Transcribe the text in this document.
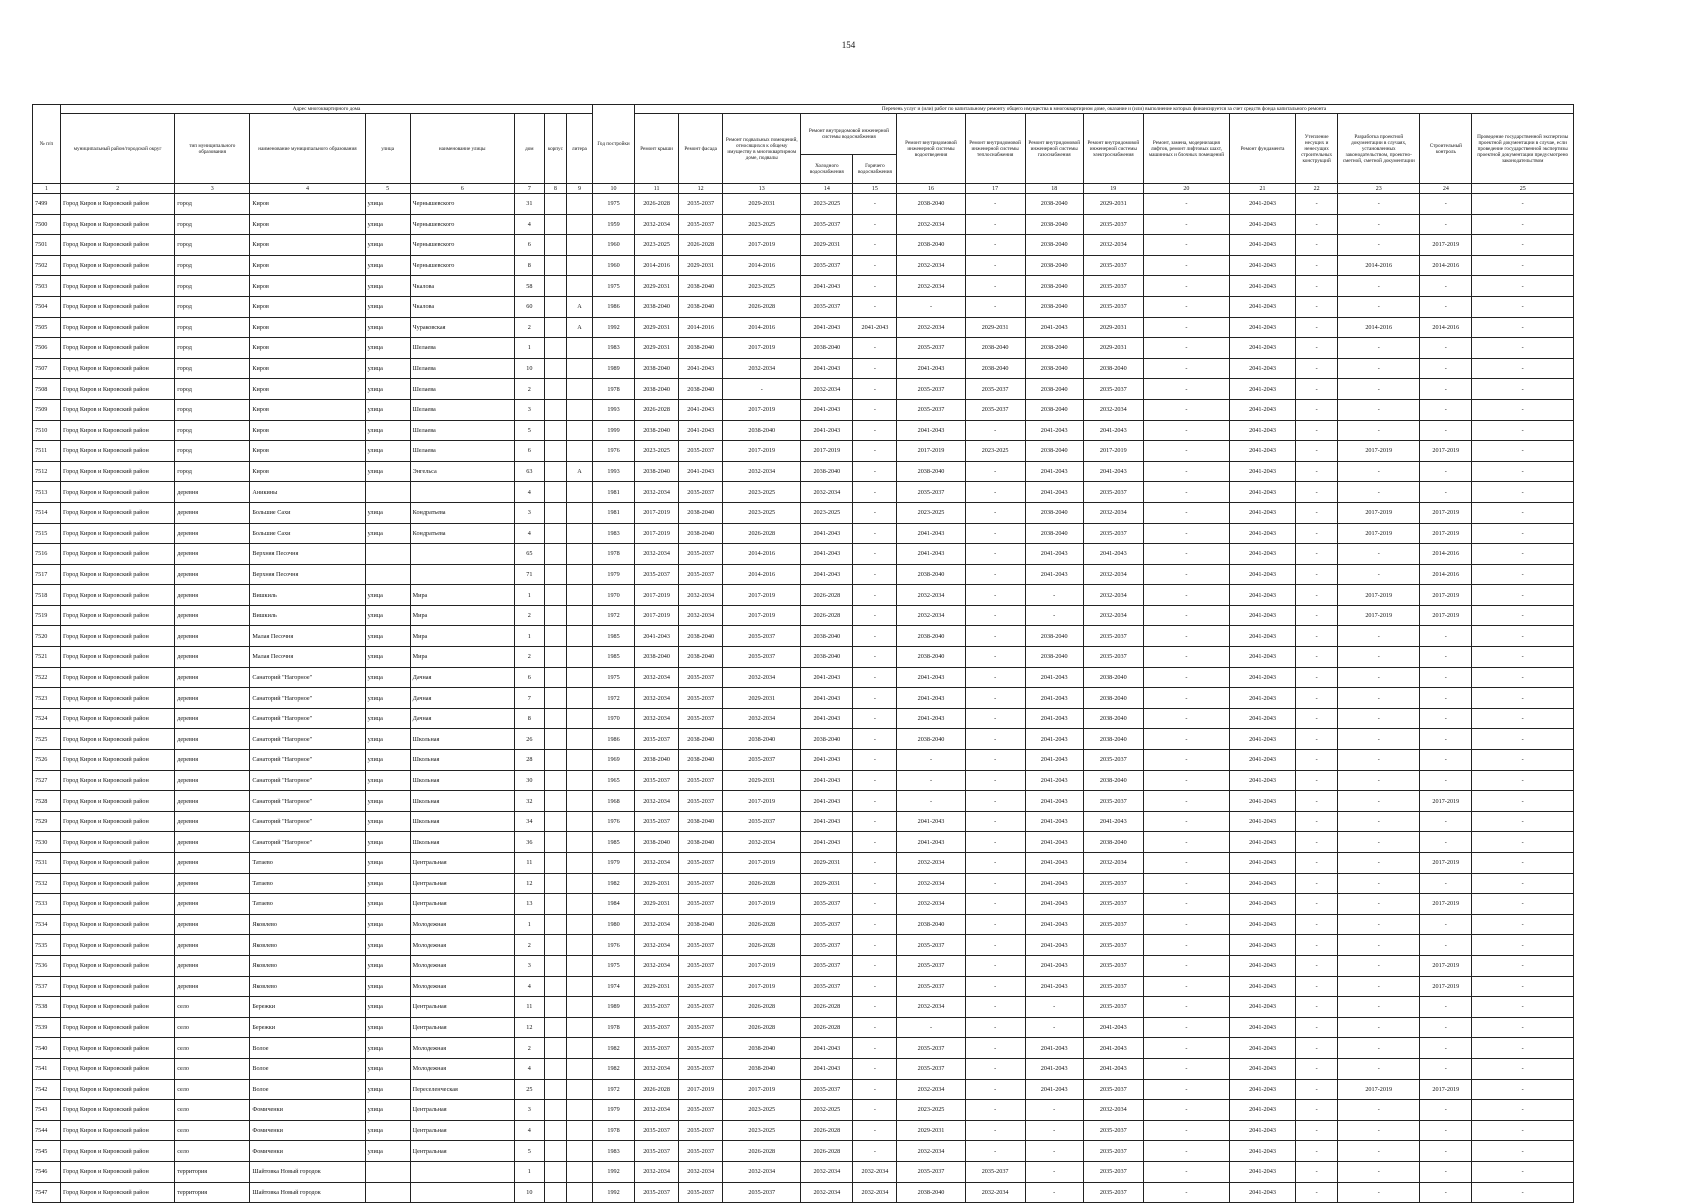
154
№ п/п	Адрес многоквартирного дома								Год постройки	Перечень услуг и (или) работ по капитальному ремонту общего имущества в многоквартирном доме, оказание и (или) выполнение которых финансируется за счет средств фонда капитального ремонта														
	муниципальный район/городской округ	тип муниципального образования	наименование муниципального образования	улица	наименование улицы	дом	корпус	литера		Ремонт крыши	Ремонт фасада	Ремонт подвальных помещений, относящихся к общему имуществу в многоквартирном доме, подвалы	Ремонт внутридомовой инженерной системы водоснабжения		Ремонт внутридомовой инженерной системы водоотведения	Ремонт внутридомовой инженерной системы теплоснабжения	Ремонт внутридомовой инженерной системы газоснабжения	Ремонт внутридомовой инженерной системы электроснабжения	Ремонт, замена, модернизация лифтов, ремонт лифтовых шахт, машинных и блочных помещений	Ремонт фундамента	Утепление несущих и ненесущих строительных конструкций	Разработка проектной документации в случаях, установленных законодательством, проектно-сметной, сметной документации	Строительный контроль	Проведение государственной экспертизы проектной документации в случае, если проведение государственной экспертизы проектной документации предусмотрено законодательством
													Холодного водоснабжения	Горячего водоснабжения										
1	2	3	4	5	6	7	8	9	10	11	12	13	14	15	16	17	18	19	20	21	22	23	24	25
7499	Город Киров и Кировский район	город	Киров	улица	Чернышевского	31			1975	2026-2028	2035-2037	2029-2031	2023-2025	-	2038-2040	-	2038-2040	2029-2031	-	2041-2043	-	-	-	-
7500	Город Киров и Кировский район	город	Киров	улица	Чернышевского	4			1959	2032-2034	2035-2037	2023-2025	2035-2037	-	2032-2034	-	2038-2040	2035-2037	-	2041-2043	-	-	-	-
7501	Город Киров и Кировский район	город	Киров	улица	Чернышевского	6			1960	2023-2025	2026-2028	2017-2019	2029-2031	-	2038-2040	-	2038-2040	2032-2034	-	2041-2043	-	-	2017-2019	-
7502	Город Киров и Кировский район	город	Киров	улица	Чернышевского	8			1960	2014-2016	2029-2031	2014-2016	2035-2037	-	2032-2034	-	2038-2040	2035-2037	-	2041-2043	-	2014-2016	2014-2016	-
7503	Город Киров и Кировский район	город	Киров	улица	Чкалова	58			1975	2029-2031	2038-2040	2023-2025	2041-2043	-	2032-2034	-	2038-2040	2035-2037	-	2041-2043	-	-	-	-
7504	Город Киров и Кировский район	город	Киров	улица	Чкалова	60		А	1986	2038-2040	2038-2040	2026-2028	2035-2037	-	-	-	2038-2040	2035-2037	-	2041-2043	-	-	-	-
7505	Город Киров и Кировский район	город	Киров	улица	Чураковская	2		А	1992	2029-2031	2014-2016	2014-2016	2041-2043	2041-2043	2032-2034	2029-2031	2041-2043	2029-2031	-	2041-2043	-	2014-2016	2014-2016	-
7506	Город Киров и Кировский район	город	Киров	улица	Шелаева	1			1983	2029-2031	2038-2040	2017-2019	2038-2040	-	2035-2037	2038-2040	2038-2040	2029-2031	-	2041-2043	-	-	-	-
7507	Город Киров и Кировский район	город	Киров	улица	Шелаева	10			1989	2038-2040	2041-2043	2032-2034	2041-2043	-	2041-2043	2038-2040	2038-2040	2038-2040	-	2041-2043	-	-	-	-
7508	Город Киров и Кировский район	город	Киров	улица	Шелаева	2			1978	2038-2040	2038-2040	-	2032-2034	-	2035-2037	2035-2037	2038-2040	2035-2037	-	2041-2043	-	-	-	-
7509	Город Киров и Кировский район	город	Киров	улица	Шелаева	3			1993	2026-2028	2041-2043	2017-2019	2041-2043	-	2035-2037	2035-2037	2038-2040	2032-2034	-	2041-2043	-	-	-	-
7510	Город Киров и Кировский район	город	Киров	улица	Шелаева	5			1999	2038-2040	2041-2043	2038-2040	2041-2043	-	2041-2043	-	2041-2043	2041-2043	-	2041-2043	-	-	-	-
7511	Город Киров и Кировский район	город	Киров	улица	Шелаева	6			1976	2023-2025	2035-2037	2017-2019	2017-2019	-	2017-2019	2023-2025	2038-2040	2017-2019	-	2041-2043	-	2017-2019	2017-2019	-
7512	Город Киров и Кировский район	город	Киров	улица	Энгельса	63		А	1993	2038-2040	2041-2043	2032-2034	2038-2040	-	2038-2040	-	2041-2043	2041-2043	-	2041-2043	-	-	-	-
7513	Город Киров и Кировский район	деревня	Аникины			4			1981	2032-2034	2035-2037	2023-2025	2032-2034	-	2035-2037	-	2041-2043	2035-2037	-	2041-2043	-	-	-	-
7514	Город Киров и Кировский район	деревня	Большие Сахи	улица	Кондратьева	3			1981	2017-2019	2038-2040	2023-2025	2023-2025	-	2023-2025	-	2038-2040	2032-2034	-	2041-2043	-	2017-2019	2017-2019	-
7515	Город Киров и Кировский район	деревня	Большие Сахи	улица	Кондратьева	4			1983	2017-2019	2038-2040	2026-2028	2041-2043	-	2041-2043	-	2038-2040	2035-2037	-	2041-2043	-	2017-2019	2017-2019	-
7516	Город Киров и Кировский район	деревня	Верхняя Песочня			65			1978	2032-2034	2035-2037	2014-2016	2041-2043	-	2041-2043	-	2041-2043	2041-2043	-	2041-2043	-	-	2014-2016	-
7517	Город Киров и Кировский район	деревня	Верхняя Песочня			71			1979	2035-2037	2035-2037	2014-2016	2041-2043	-	2038-2040	-	2041-2043	2032-2034	-	2041-2043	-	-	2014-2016	-
7518	Город Киров и Кировский район	деревня	Вишкиль	улица	Мира	1			1970	2017-2019	2032-2034	2017-2019	2026-2028	-	2032-2034	-	-	2032-2034	-	2041-2043	-	2017-2019	2017-2019	-
7519	Город Киров и Кировский район	деревня	Вишкиль	улица	Мира	2			1972	2017-2019	2032-2034	2017-2019	2026-2028	-	2032-2034	-	-	2032-2034	-	2041-2043	-	2017-2019	2017-2019	-
7520	Город Киров и Кировский район	деревня	Малая Песочня	улица	Мира	1			1985	2041-2043	2038-2040	2035-2037	2038-2040	-	2038-2040	-	2038-2040	2035-2037	-	2041-2043	-	-	-	-
7521	Город Киров и Кировский район	деревня	Малая Песочня	улица	Мира	2			1985	2038-2040	2038-2040	2035-2037	2038-2040	-	2038-2040	-	2038-2040	2035-2037	-	2041-2043	-	-	-	-
7522	Город Киров и Кировский район	деревня	Санаторий "Нагорное"	улица	Дачная	6			1975	2032-2034	2035-2037	2032-2034	2041-2043	-	2041-2043	-	2041-2043	2038-2040	-	2041-2043	-	-	-	-
7523	Город Киров и Кировский район	деревня	Санаторий "Нагорное"	улица	Дачная	7			1972	2032-2034	2035-2037	2029-2031	2041-2043	-	2041-2043	-	2041-2043	2038-2040	-	2041-2043	-	-	-	-
7524	Город Киров и Кировский район	деревня	Санаторий "Нагорное"	улица	Дачная	8			1970	2032-2034	2035-2037	2032-2034	2041-2043	-	2041-2043	-	2041-2043	2038-2040	-	2041-2043	-	-	-	-
7525	Город Киров и Кировский район	деревня	Санаторий "Нагорное"	улица	Школьная	26			1986	2035-2037	2038-2040	2038-2040	2038-2040	-	2038-2040	-	2041-2043	2038-2040	-	2041-2043	-	-	-	-
7526	Город Киров и Кировский район	деревня	Санаторий "Нагорное"	улица	Школьная	28			1969	2038-2040	2038-2040	2035-2037	2041-2043	-	-	-	2041-2043	2035-2037	-	2041-2043	-	-	-	-
7527	Город Киров и Кировский район	деревня	Санаторий "Нагорное"	улица	Школьная	30			1965	2035-2037	2035-2037	2029-2031	2041-2043	-	-	-	2041-2043	2038-2040	-	2041-2043	-	-	-	-
7528	Город Киров и Кировский район	деревня	Санаторий "Нагорное"	улица	Школьная	32			1968	2032-2034	2035-2037	2017-2019	2041-2043	-	-	-	2041-2043	2035-2037	-	2041-2043	-	-	2017-2019	-
7529	Город Киров и Кировский район	деревня	Санаторий "Нагорное"	улица	Школьная	34			1976	2035-2037	2038-2040	2035-2037	2041-2043	-	2041-2043	-	2041-2043	2041-2043	-	2041-2043	-	-	-	-
7530	Город Киров и Кировский район	деревня	Санаторий "Нагорное"	улица	Школьная	36			1985	2038-2040	2038-2040	2032-2034	2041-2043	-	2041-2043	-	2041-2043	2038-2040	-	2041-2043	-	-	-	-
7531	Город Киров и Кировский район	деревня	Татаево	улица	Центральная	11			1979	2032-2034	2035-2037	2017-2019	2029-2031	-	2032-2034	-	2041-2043	2032-2034	-	2041-2043	-	-	2017-2019	-
7532	Город Киров и Кировский район	деревня	Татаево	улица	Центральная	12			1982	2029-2031	2035-2037	2026-2028	2029-2031	-	2032-2034	-	2041-2043	2035-2037	-	2041-2043	-	-	-	-
7533	Город Киров и Кировский район	деревня	Татаево	улица	Центральная	13			1984	2029-2031	2035-2037	2017-2019	2035-2037	-	2032-2034	-	2041-2043	2035-2037	-	2041-2043	-	-	2017-2019	-
7534	Город Киров и Кировский район	деревня	Яковлево	улица	Молодежная	1			1980	2032-2034	2038-2040	2026-2028	2035-2037	-	2038-2040	-	2041-2043	2035-2037	-	2041-2043	-	-	-	-
7535	Город Киров и Кировский район	деревня	Яковлево	улица	Молодежная	2			1976	2032-2034	2035-2037	2026-2028	2035-2037	-	2035-2037	-	2041-2043	2035-2037	-	2041-2043	-	-	-	-
7536	Город Киров и Кировский район	деревня	Яковлево	улица	Молодежная	3			1975	2032-2034	2035-2037	2017-2019	2035-2037	-	2035-2037	-	2041-2043	2035-2037	-	2041-2043	-	-	2017-2019	-
7537	Город Киров и Кировский район	деревня	Яковлево	улица	Молодежная	4			1974	2029-2031	2035-2037	2017-2019	2035-2037	-	2035-2037	-	2041-2043	2035-2037	-	2041-2043	-	-	2017-2019	-
7538	Город Киров и Кировский район	село	Бережки	улица	Центральная	11			1989	2035-2037	2035-2037	2026-2028	2026-2028	-	2032-2034	-	-	2035-2037	-	2041-2043	-	-	-	-
7539	Город Киров и Кировский район	село	Бережки	улица	Центральная	12			1978	2035-2037	2035-2037	2026-2028	2026-2028	-	-	-	-	2041-2043	-	2041-2043	-	-	-	-
7540	Город Киров и Кировский район	село	Волое	улица	Молодежная	2			1982	2035-2037	2035-2037	2038-2040	2041-2043	-	2035-2037	-	2041-2043	2041-2043	-	2041-2043	-	-	-	-
7541	Город Киров и Кировский район	село	Волое	улица	Молодежная	4			1982	2032-2034	2035-2037	2038-2040	2041-2043	-	2035-2037	-	2041-2043	2041-2043	-	2041-2043	-	-	-	-
7542	Город Киров и Кировский район	село	Волое	улица	Переселенческая	25			1972	2026-2028	2017-2019	2017-2019	2035-2037	-	2032-2034	-	2041-2043	2035-2037	-	2041-2043	-	2017-2019	2017-2019	-
7543	Город Киров и Кировский район	село	Фомиченки	улица	Центральная	3			1979	2032-2034	2035-2037	2023-2025	2032-2025	-	2023-2025	-	-	2032-2034	-	2041-2043	-	-	-	-
7544	Город Киров и Кировский район	село	Фомиченки	улица	Центральная	4			1978	2035-2037	2035-2037	2023-2025	2026-2028	-	2029-2031	-	-	2035-2037	-	2041-2043	-	-	-	-
7545	Город Киров и Кировский район	село	Фомиченки	улица	Центральная	5			1983	2035-2037	2035-2037	2026-2028	2026-2028	-	2032-2034	-	-	2035-2037	-	2041-2043	-	-	-	-
7546	Город Киров и Кировский район	территория	Шайтовка Новый городок			1			1992	2032-2034	2032-2034	2032-2034	2032-2034	2032-2034	2035-2037	2035-2037	-	2035-2037	-	2041-2043	-	-	-	-
7547	Город Киров и Кировский район	территория	Шайтовка Новый городок			10			1992	2035-2037	2035-2037	2035-2037	2032-2034	2032-2034	2038-2040	2032-2034	-	2035-2037	-	2041-2043	-	-	-	-
